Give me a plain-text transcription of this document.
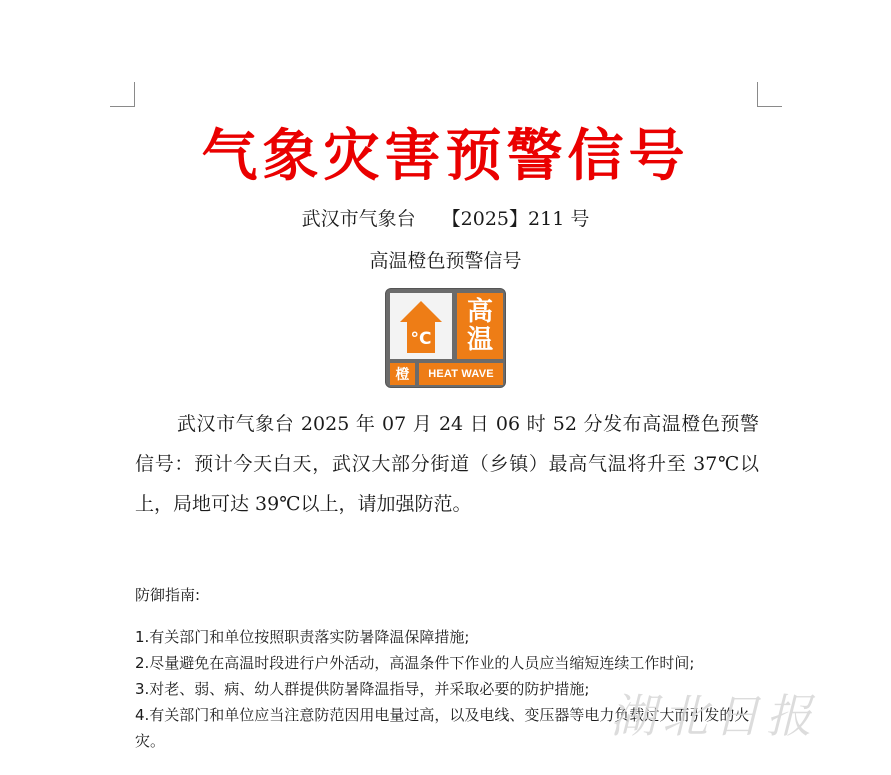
气象灾害预警信号
武汉市气象台 【2025】211 号
高温橙色预警信号
°C
高
温
橙	HEAT WAVE

武汉市气象台 2025 年 07 月 24 日 06 时 52 分发布高温橙色预警信号：预计今天白天，武汉大部分街道（乡镇）最高气温将升至 37℃以上，局地可达 39℃以上，请加强防范。

防御指南:
1.有关部门和单位按照职责落实防暑降温保障措施;
2.尽量避免在高温时段进行户外活动，高温条件下作业的人员应当缩短连续工作时间;
3.对老、弱、病、幼人群提供防暑降温指导，并采取必要的防护措施;
4.有关部门和单位应当注意防范因用电量过高，以及电线、变压器等电力负载过大而引发的火灾。	湖北日报
